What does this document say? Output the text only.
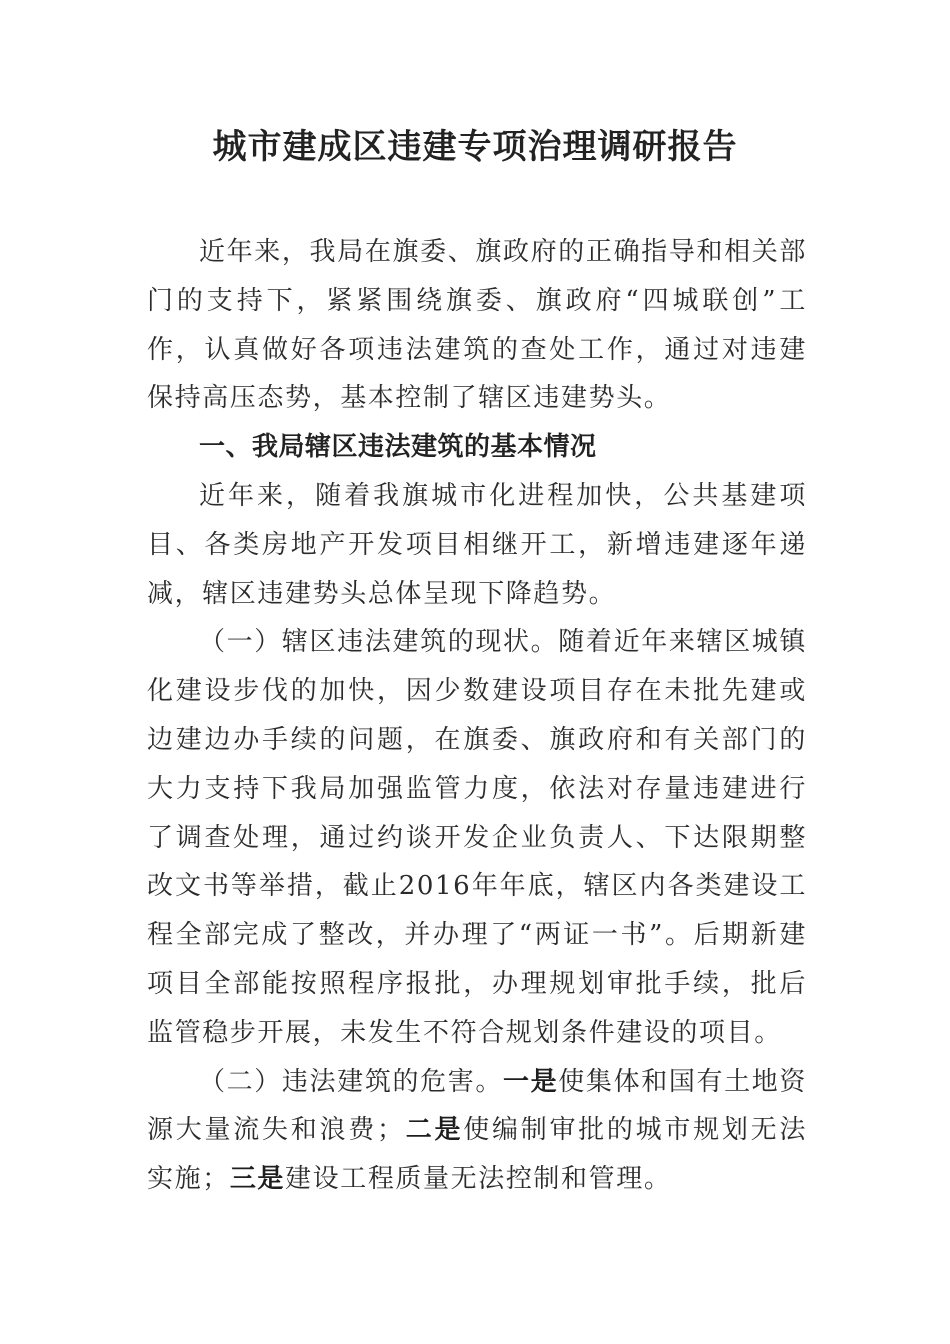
城市建成区违建专项治理调研报告

近年来，我局在旗委、旗政府的正确指导和相关部门的支持下，紧紧围绕旗委、旗政府“四城联创”工作，认真做好各项违法建筑的查处工作，通过对违建保持高压态势，基本控制了辖区违建势头。

一、我局辖区违法建筑的基本情况

近年来，随着我旗城市化进程加快，公共基建项目、各类房地产开发项目相继开工，新增违建逐年递减，辖区违建势头总体呈现下降趋势。

（一）辖区违法建筑的现状。随着近年来辖区城镇化建设步伐的加快，因少数建设项目存在未批先建或边建边办手续的问题，在旗委、旗政府和有关部门的大力支持下我局加强监管力度，依法对存量违建进行了调查处理，通过约谈开发企业负责人、下达限期整改文书等举措，截止2016年年底，辖区内各类建设工程全部完成了整改，并办理了“两证一书”。后期新建项目全部能按照程序报批，办理规划审批手续，批后监管稳步开展，未发生不符合规划条件建设的项目。

（二）违法建筑的危害。一是使集体和国有土地资源大量流失和浪费；二是使编制审批的城市规划无法实施；三是建设工程质量无法控制和管理。
